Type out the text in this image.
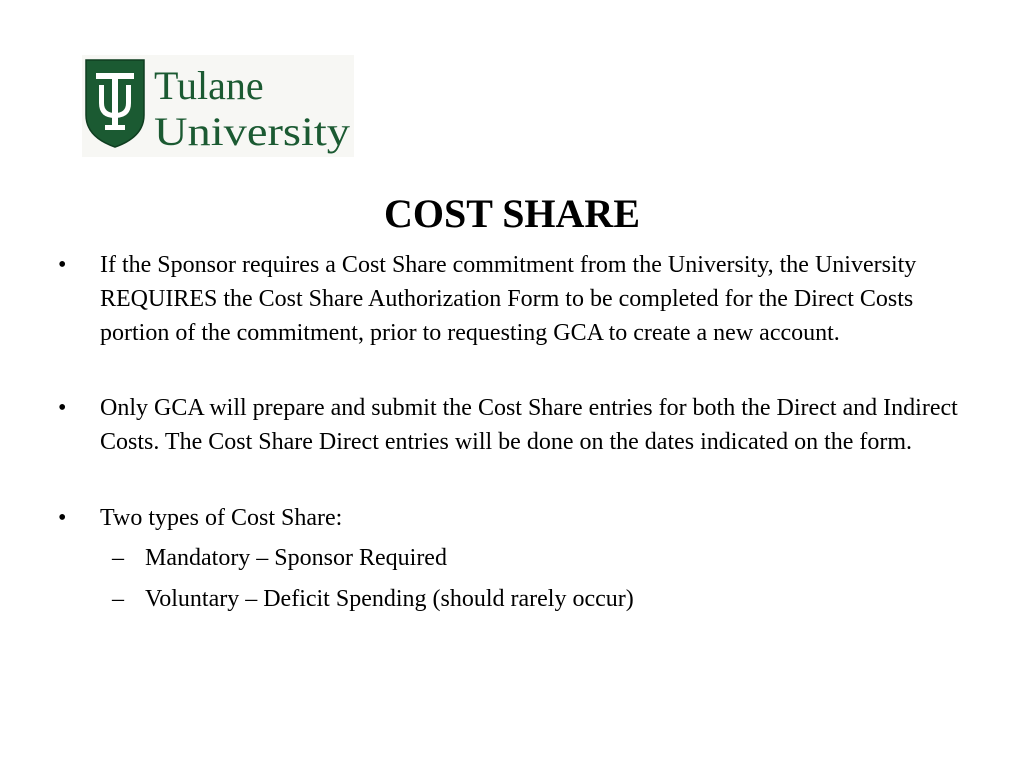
Tulane
University
COST SHARE
• If the Sponsor requires a Cost Share commitment from the University, the University REQUIRES the Cost Share Authorization Form to be completed for the Direct Costs portion of the commitment, prior to requesting GCA to create a new account.
• Only GCA will prepare and submit the Cost Share entries for both the Direct and Indirect Costs. The Cost Share Direct entries will be done on the dates indicated on the form.
• Two types of Cost Share:
– Mandatory – Sponsor Required
– Voluntary – Deficit Spending (should rarely occur)
